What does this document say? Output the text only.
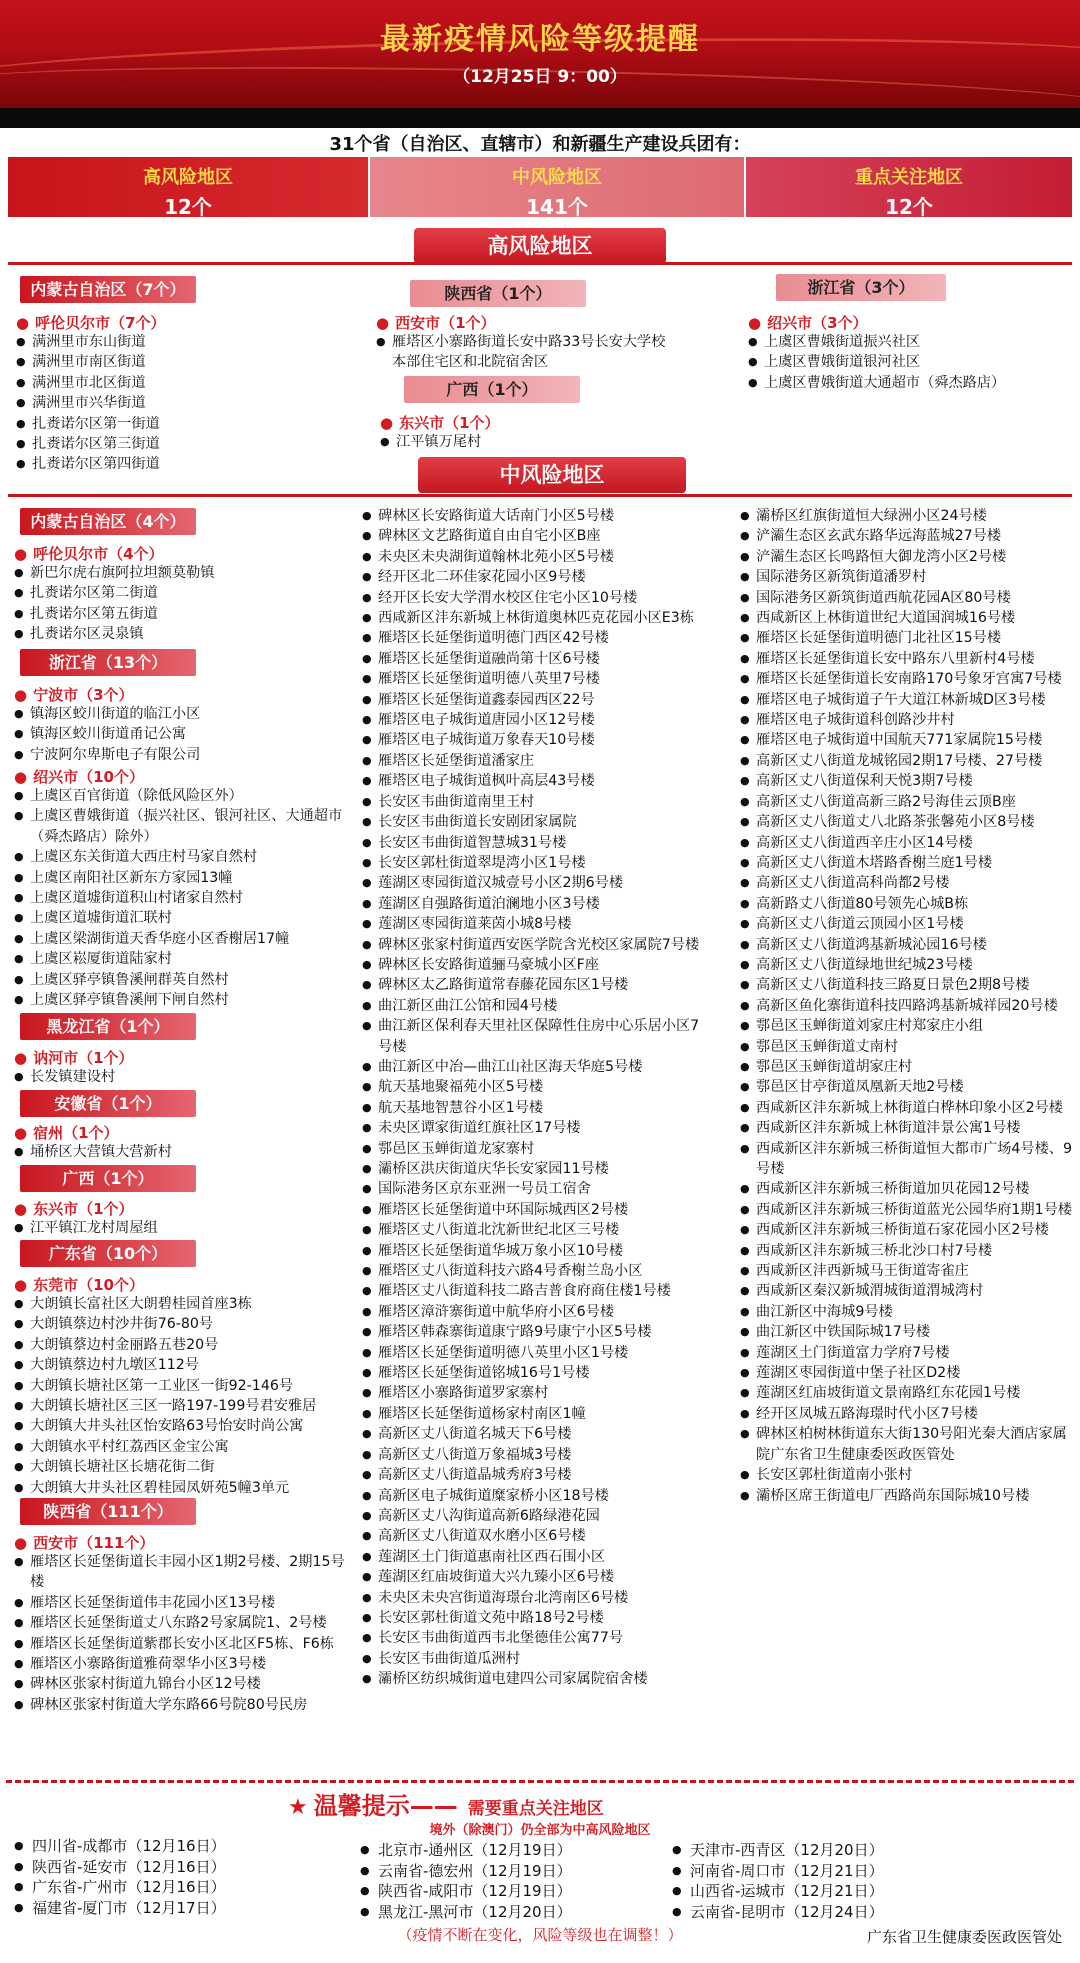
最新疫情风险等级提醒
（12月25日 9：00）
31个省（自治区、直辖市）和新疆生产建设兵团有：
高风险地区
12个
中风险地区
141个
重点关注地区
12个
高风险地区
内蒙古自治区（7个）
● 呼伦贝尔市（7个）
● 满洲里市东山街道
● 满洲里市南区街道
● 满洲里市北区街道
● 满洲里市兴华街道
● 扎赉诺尔区第一街道
● 扎赉诺尔区第三街道
● 扎赉诺尔区第四街道
陕西省（1个）
● 西安市（1个）
● 雁塔区小寨路街道长安中路33号长安大学校本部住宅区和北院宿舍区
广西（1个）
● 东兴市（1个）
● 江平镇万尾村
浙江省（3个）
● 绍兴市（3个）
● 上虞区曹娥街道振兴社区
● 上虞区曹娥街道银河社区
● 上虞区曹娥街道大通超市（舜杰路店）
中风险地区
内蒙古自治区（4个）
● 呼伦贝尔市（4个）
● 新巴尔虎右旗阿拉坦额莫勒镇
● 扎赉诺尔区第二街道
● 扎赉诺尔区第五街道
● 扎赉诺尔区灵泉镇
浙江省（13个）
● 宁波市（3个）
● 镇海区蛟川街道的临江小区
● 镇海区蛟川街道甬记公寓
● 宁波阿尔卑斯电子有限公司
● 绍兴市（10个）
● 上虞区百官街道（除低风险区外）
● 上虞区曹娥街道（振兴社区、银河社区、大通超市（舜杰路店）除外）
● 上虞区东关街道大西庄村马家自然村
● 上虞区南阳社区新东方家园13幢
● 上虞区道墟街道积山村诸家自然村
● 上虞区道墟街道汇联村
● 上虞区梁湖街道天香华庭小区香榭居17幢
● 上虞区崧厦街道陆家村
● 上虞区驿亭镇鲁溪闸群英自然村
● 上虞区驿亭镇鲁溪闸下闸自然村
黑龙江省（1个）
● 讷河市（1个）
● 长发镇建设村
安徽省（1个）
● 宿州（1个）
● 埇桥区大营镇大营新村
广西（1个）
● 东兴市（1个）
● 江平镇江龙村周屋组
广东省（10个）
● 东莞市（10个）
● 大朗镇长富社区大朗碧桂园首座3栋
● 大朗镇蔡边村沙井街76-80号
● 大朗镇蔡边村金丽路五巷20号
● 大朗镇蔡边村九墩区112号
● 大朗镇长塘社区第一工业区一街92-146号
● 大朗镇长塘社区三区一路197-199号君安雅居
● 大朗镇大井头社区怡安路63号怡安时尚公寓
● 大朗镇水平村红荔西区金宝公寓
● 大朗镇长塘社区长塘花街二街
● 大朗镇大井头社区碧桂园凤妍苑5幢3单元
陕西省（111个）
● 西安市（111个）
● 雁塔区长延堡街道长丰园小区1期2号楼、2期15号楼
● 雁塔区长延堡街道伟丰花园小区13号楼
● 雁塔区长延堡街道丈八东路2号家属院1、2号楼
● 雁塔区长延堡街道紫郡长安小区北区F5栋、F6栋
● 雁塔区小寨路街道雅荷翠华小区3号楼
● 碑林区张家村街道九锦台小区12号楼
● 碑林区张家村街道大学东路66号院80号民房
● 碑林区长安路街道大话南门小区5号楼
● 碑林区文艺路街道自由自宅小区B座
● 未央区未央湖街道翰林北苑小区5号楼
● 经开区北二环佳家花园小区9号楼
● 经开区长安大学渭水校区住宅小区10号楼
● 西咸新区沣东新城上林街道奥林匹克花园小区E3栋
● 雁塔区长延堡街道明德门西区42号楼
● 雁塔区长延堡街道融尚第十区6号楼
● 雁塔区长延堡街道明德八英里7号楼
● 雁塔区长延堡街道鑫泰园西区22号
● 雁塔区电子城街道唐园小区12号楼
● 雁塔区电子城街道万象春天10号楼
● 雁塔区长延堡街道潘家庄
● 雁塔区电子城街道枫叶高层43号楼
● 长安区韦曲街道南里王村
● 长安区韦曲街道长安剧团家属院
● 长安区韦曲街道智慧城31号楼
● 长安区郭杜街道翠堤湾小区1号楼
● 莲湖区枣园街道汉城壹号小区2期6号楼
● 莲湖区自强路街道泊澜地小区3号楼
● 莲湖区枣园街道莱茵小城8号楼
● 碑林区张家村街道西安医学院含光校区家属院7号楼
● 碑林区长安路街道骊马豪城小区F座
● 碑林区太乙路街道常春藤花园东区1号楼
● 曲江新区曲江公馆和园4号楼
● 曲江新区保利春天里社区保障性住房中心乐居小区7号楼
● 曲江新区中冶—曲江山社区海天华庭5号楼
● 航天基地聚福苑小区5号楼
● 航天基地智慧谷小区1号楼
● 未央区谭家街道红旗社区17号楼
● 鄠邑区玉蝉街道龙家寨村
● 灞桥区洪庆街道庆华长安家园11号楼
● 国际港务区京东亚洲一号员工宿舍
● 雁塔区长延堡街道中环国际城西区2号楼
● 雁塔区丈八街道北沈新世纪北区三号楼
● 雁塔区长延堡街道华城万象小区10号楼
● 雁塔区丈八街道科技六路4号香榭兰岛小区
● 雁塔区丈八街道科技二路吉普食府商住楼1号楼
● 雁塔区漳浒寨街道中航华府小区6号楼
● 雁塔区韩森寨街道康宁路9号康宁小区5号楼
● 雁塔区长延堡街道明德八英里小区1号楼
● 雁塔区长延堡街道铭城16号1号楼
● 雁塔区小寨路街道罗家寨村
● 雁塔区长延堡街道杨家村南区1幢
● 高新区丈八街道名城天下6号楼
● 高新区丈八街道万象福城3号楼
● 高新区丈八街道晶城秀府3号楼
● 高新区电子城街道糜家桥小区18号楼
● 高新区丈八沟街道高新6路绿港花园
● 高新区丈八街道双水磨小区6号楼
● 莲湖区土门街道惠南社区西石围小区
● 莲湖区红庙坡街道大兴九臻小区6号楼
● 未央区未央宫街道海璟台北湾南区6号楼
● 长安区郭杜街道文苑中路18号2号楼
● 长安区韦曲街道西韦北堡德佳公寓77号
● 长安区韦曲街道瓜洲村
● 灞桥区纺织城街道电建四公司家属院宿舍楼
● 灞桥区红旗街道恒大绿洲小区24号楼
● 浐灞生态区玄武东路华远海蓝城27号楼
● 浐灞生态区长鸣路恒大御龙湾小区2号楼
● 国际港务区新筑街道潘罗村
● 国际港务区新筑街道西航花园A区80号楼
● 西咸新区上林街道世纪大道国润城16号楼
● 雁塔区长延堡街道明德门北社区15号楼
● 雁塔区长延堡街道长安中路东八里新村4号楼
● 雁塔区长延堡街道长安南路170号象牙宫寓7号楼
● 雁塔区电子城街道子午大道江林新城D区3号楼
● 雁塔区电子城街道科创路沙井村
● 雁塔区电子城街道中国航天771家属院15号楼
● 高新区丈八街道龙城铭园2期17号楼、27号楼
● 高新区丈八街道保利天悦3期7号楼
● 高新区丈八街道高新三路2号海佳云顶B座
● 高新区丈八街道丈八北路茶张馨苑小区8号楼
● 高新区丈八街道西辛庄小区14号楼
● 高新区丈八街道木塔路香榭兰庭1号楼
● 高新区丈八街道高科尚都2号楼
● 高新路丈八街道80号领先心城B栋
● 高新区丈八街道云顶园小区1号楼
● 高新区丈八街道鸿基新城沁园16号楼
● 高新区丈八街道绿地世纪城23号楼
● 高新区丈八街道科技三路夏日景色2期8号楼
● 高新区鱼化寨街道科技四路鸿基新城祥园20号楼
● 鄠邑区玉蝉街道刘家庄村郑家庄小组
● 鄠邑区玉蝉街道丈南村
● 鄠邑区玉蝉街道胡家庄村
● 鄠邑区甘亭街道凤凰新天地2号楼
● 西咸新区沣东新城上林街道白桦林印象小区2号楼
● 西咸新区沣东新城上林街道沣景公寓1号楼
● 西咸新区沣东新城三桥街道恒大都市广场4号楼、9号楼
● 西咸新区沣东新城三桥街道加贝花园12号楼
● 西咸新区沣东新城三桥街道蓝光公园华府1期1号楼
● 西咸新区沣东新城三桥街道石家花园小区2号楼
● 西咸新区沣东新城三桥北沙口村7号楼
● 西咸新区沣西新城马王街道寄雀庄
● 西咸新区秦汉新城渭城街道渭城湾村
● 曲江新区中海城9号楼
● 曲江新区中铁国际城17号楼
● 莲湖区土门街道富力学府7号楼
● 莲湖区枣园街道中堡子社区D2楼
● 莲湖区红庙坡街道文景南路红东花园1号楼
● 经开区凤城五路海璟时代小区7号楼
● 碑林区柏树林街道东大街130号阳光秦大酒店家属院广东省卫生健康委医政医管处
● 长安区郭杜街道南小张村
● 灞桥区席王街道电厂西路尚东国际城10号楼
★ 温馨提示—— 需要重点关注地区
境外（除澳门）仍全部为中高风险地区
● 四川省-成都市（12月16日）
● 陕西省-延安市（12月16日）
● 广东省-广州市（12月16日）
● 福建省-厦门市（12月17日）
● 北京市-通州区（12月19日）
● 云南省-德宏州（12月19日）
● 陕西省-咸阳市（12月19日）
● 黑龙江-黑河市（12月20日）
● 天津市-西青区（12月20日）
● 河南省-周口市（12月21日）
● 山西省-运城市（12月21日）
● 云南省-昆明市（12月24日）
（疫情不断在变化，风险等级也在调整！）	广东省卫生健康委医政医管处
